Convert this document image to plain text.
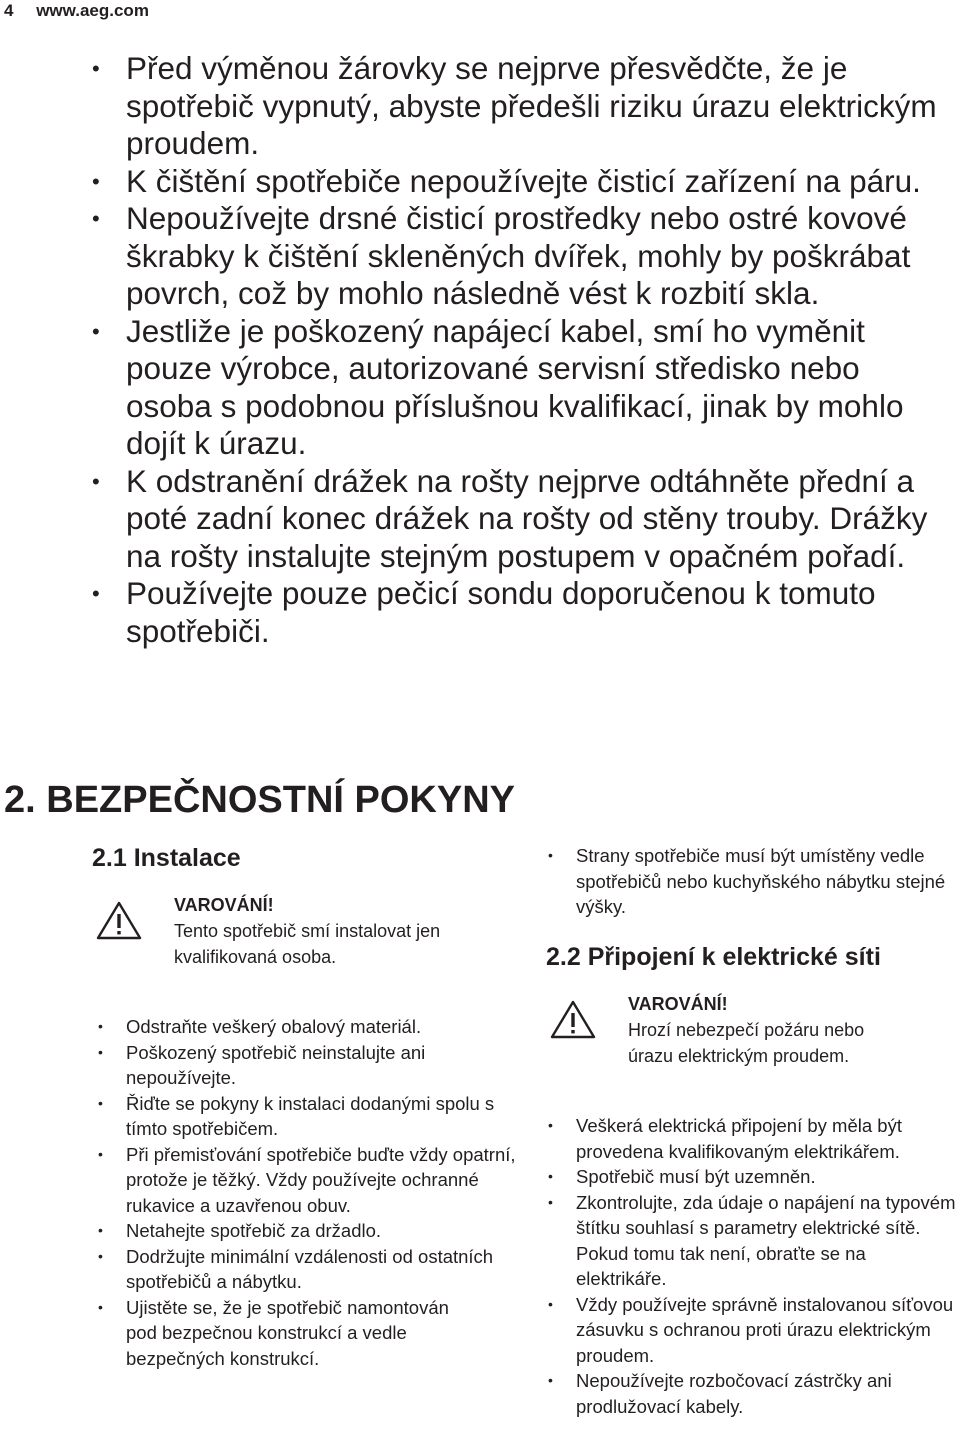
4 www.aeg.com
• Před výměnou žárovky se nejprve přesvědčte, že je spotřebič vypnutý, abyste předešli riziku úrazu elektrickým proudem.
• K čištění spotřebiče nepoužívejte čisticí zařízení na páru.
• Nepoužívejte drsné čisticí prostředky nebo ostré kovové škrabky k čištění skleněných dvířek, mohly by poškrábat povrch, což by mohlo následně vést k rozbití skla.
• Jestliže je poškozený napájecí kabel, smí ho vyměnit pouze výrobce, autorizované servisní středisko nebo osoba s podobnou příslušnou kvalifikací, jinak by mohlo dojít k úrazu.
• K odstranění drážek na rošty nejprve odtáhněte přední a poté zadní konec drážek na rošty od stěny trouby. Drážky na rošty instalujte stejným postupem v opačném pořadí.
• Používejte pouze pečicí sondu doporučenou k tomuto spotřebiči.
2. BEZPEČNOSTNÍ POKYNY
2.1 Instalace
VAROVÁNÍ!
Tento spotřebič smí instalovat jen kvalifikovaná osoba.
• Odstraňte veškerý obalový materiál.
• Poškozený spotřebič neinstalujte ani nepoužívejte.
• Řiďte se pokyny k instalaci dodanými spolu s tímto spotřebičem.
• Při přemisťování spotřebiče buďte vždy opatrní, protože je těžký. Vždy používejte ochranné rukavice a uzavřenou obuv.
• Netahejte spotřebič za držadlo.
• Dodržujte minimální vzdálenosti od ostatních spotřebičů a nábytku.
• Ujistěte se, že je spotřebič namontován pod bezpečnou konstrukcí a vedle bezpečných konstrukcí.
• Strany spotřebiče musí být umístěny vedle spotřebičů nebo kuchyňského nábytku stejné výšky.
2.2 Připojení k elektrické síti
VAROVÁNÍ!
Hrozí nebezpečí požáru nebo úrazu elektrickým proudem.
• Veškerá elektrická připojení by měla být provedena kvalifikovaným elektrikářem.
• Spotřebič musí být uzemněn.
• Zkontrolujte, zda údaje o napájení na typovém štítku souhlasí s parametry elektrické sítě. Pokud tomu tak není, obraťte se na elektrikáře.
• Vždy používejte správně instalovanou síťovou zásuvku s ochranou proti úrazu elektrickým proudem.
• Nepoužívejte rozbočovací zástrčky ani prodlužovací kabely.
